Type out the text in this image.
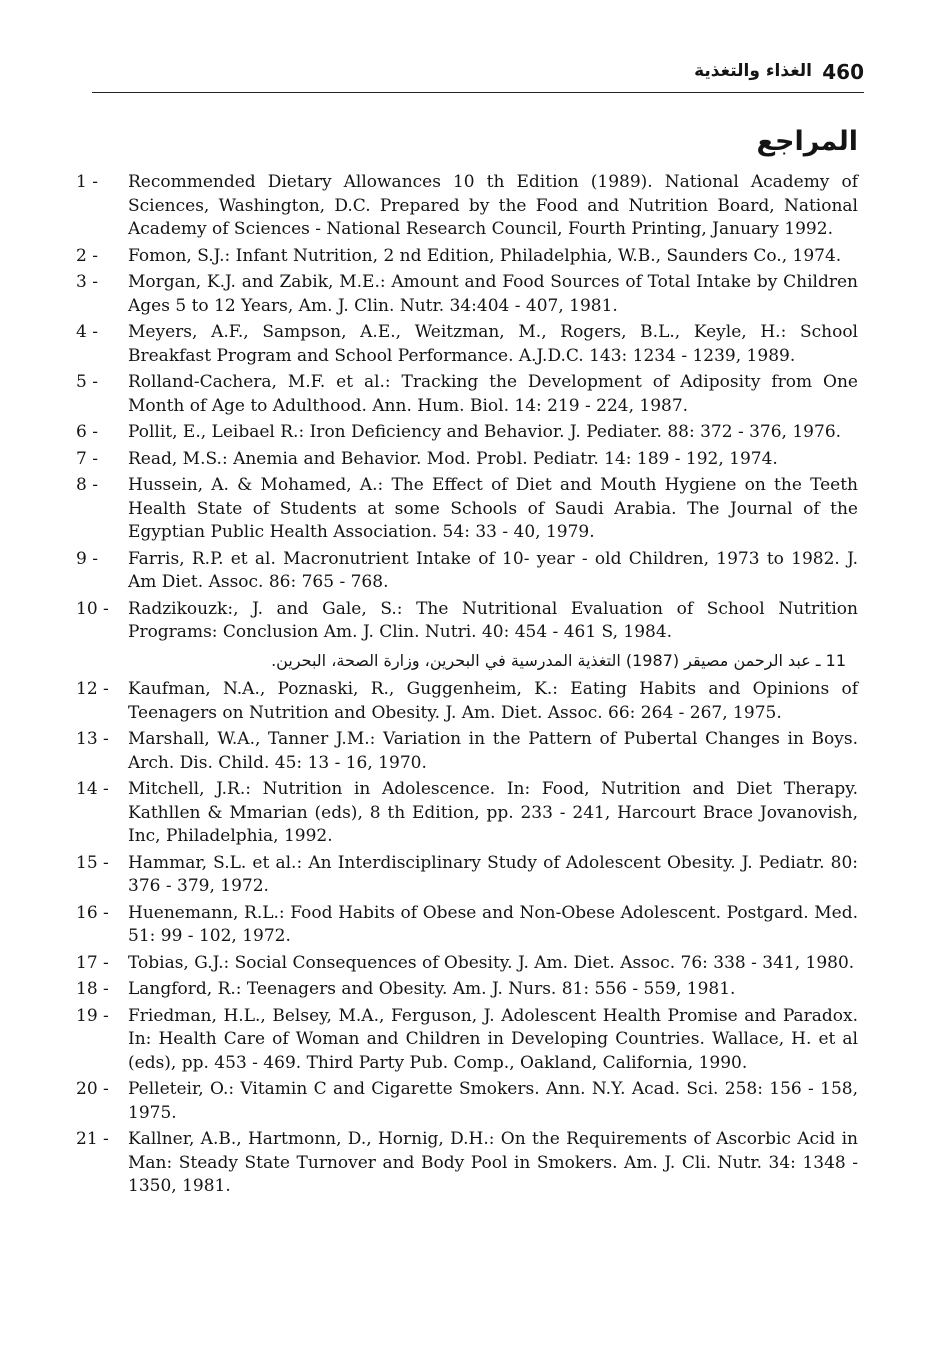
الغذاء والتغذية 460
المراجع
1 -	Recommended Dietary Allowances 10 th Edition (1989). National Academy of Sciences, Washington, D.C. Prepared by the Food and Nutrition Board, National Academy of Sciences - National Research Council, Fourth Printing, January 1992.
2 -	Fomon, S.J.: Infant Nutrition, 2 nd Edition, Philadelphia, W.B., Saunders Co., 1974.
3 -	Morgan, K.J. and Zabik, M.E.: Amount and Food Sources of Total Intake by Children Ages 5 to 12 Years, Am. J. Clin. Nutr. 34:404 - 407, 1981.
4 -	Meyers, A.F., Sampson, A.E., Weitzman, M., Rogers, B.L., Keyle, H.: School Breakfast Program and School Performance. A.J.D.C. 143: 1234 - 1239, 1989.
5 -	Rolland-Cachera, M.F. et al.: Tracking the Development of Adiposity from One Month of Age to Adulthood. Ann. Hum. Biol. 14: 219 - 224, 1987.
6 -	Pollit, E., Leibael R.: Iron Deficiency and Behavior. J. Pediater. 88: 372 - 376, 1976.
7 -	Read, M.S.: Anemia and Behavior. Mod. Probl. Pediatr. 14: 189 - 192, 1974.
8 -	Hussein, A. & Mohamed, A.: The Effect of Diet and Mouth Hygiene on the Teeth Health State of Students at some Schools of Saudi Arabia. The Journal of the Egyptian Public Health Association. 54: 33 - 40, 1979.
9 -	Farris, R.P. et al. Macronutrient Intake of 10- year - old Children, 1973 to 1982. J. Am Diet. Assoc. 86: 765 - 768.
10 -	Radzikouzk:, J. and Gale, S.: The Nutritional Evaluation of School Nutrition Programs: Conclusion Am. J. Clin. Nutri. 40: 454 - 461 S, 1984.
11 ـ عبد الرحمن مصيقر (1987) التغذية المدرسية في البحرين، وزارة الصحة، البحرين.
12 -	Kaufman, N.A., Poznaski, R., Guggenheim, K.: Eating Habits and Opinions of Teenagers on Nutrition and Obesity. J. Am. Diet. Assoc. 66: 264 - 267, 1975.
13 -	Marshall, W.A., Tanner J.M.: Variation in the Pattern of Pubertal Changes in Boys. Arch. Dis. Child. 45: 13 - 16, 1970.
14 -	Mitchell, J.R.: Nutrition in Adolescence. In: Food, Nutrition and Diet Therapy. Kathllen & Mmarian (eds), 8 th Edition, pp. 233 - 241, Harcourt Brace Jovanovish, Inc, Philadelphia, 1992.
15 -	Hammar, S.L. et al.: An Interdisciplinary Study of Adolescent Obesity. J. Pediatr. 80: 376 - 379, 1972.
16 -	Huenemann, R.L.: Food Habits of Obese and Non-Obese Adolescent. Postgard. Med. 51: 99 - 102, 1972.
17 -	Tobias, G.J.: Social Consequences of Obesity. J. Am. Diet. Assoc. 76: 338 - 341, 1980.
18 -	Langford, R.: Teenagers and Obesity. Am. J. Nurs. 81: 556 - 559, 1981.
19 -	Friedman, H.L., Belsey, M.A., Ferguson, J. Adolescent Health Promise and Paradox. In: Health Care of Woman and Children in Developing Countries. Wallace, H. et al (eds), pp. 453 - 469. Third Party Pub. Comp., Oakland, California, 1990.
20 -	Pelleteir, O.: Vitamin C and Cigarette Smokers. Ann. N.Y. Acad. Sci. 258: 156 - 158, 1975.
21 -	Kallner, A.B., Hartmonn, D., Hornig, D.H.: On the Requirements of Ascorbic Acid in Man: Steady State Turnover and Body Pool in Smokers. Am. J. Cli. Nutr. 34: 1348 - 1350, 1981.
